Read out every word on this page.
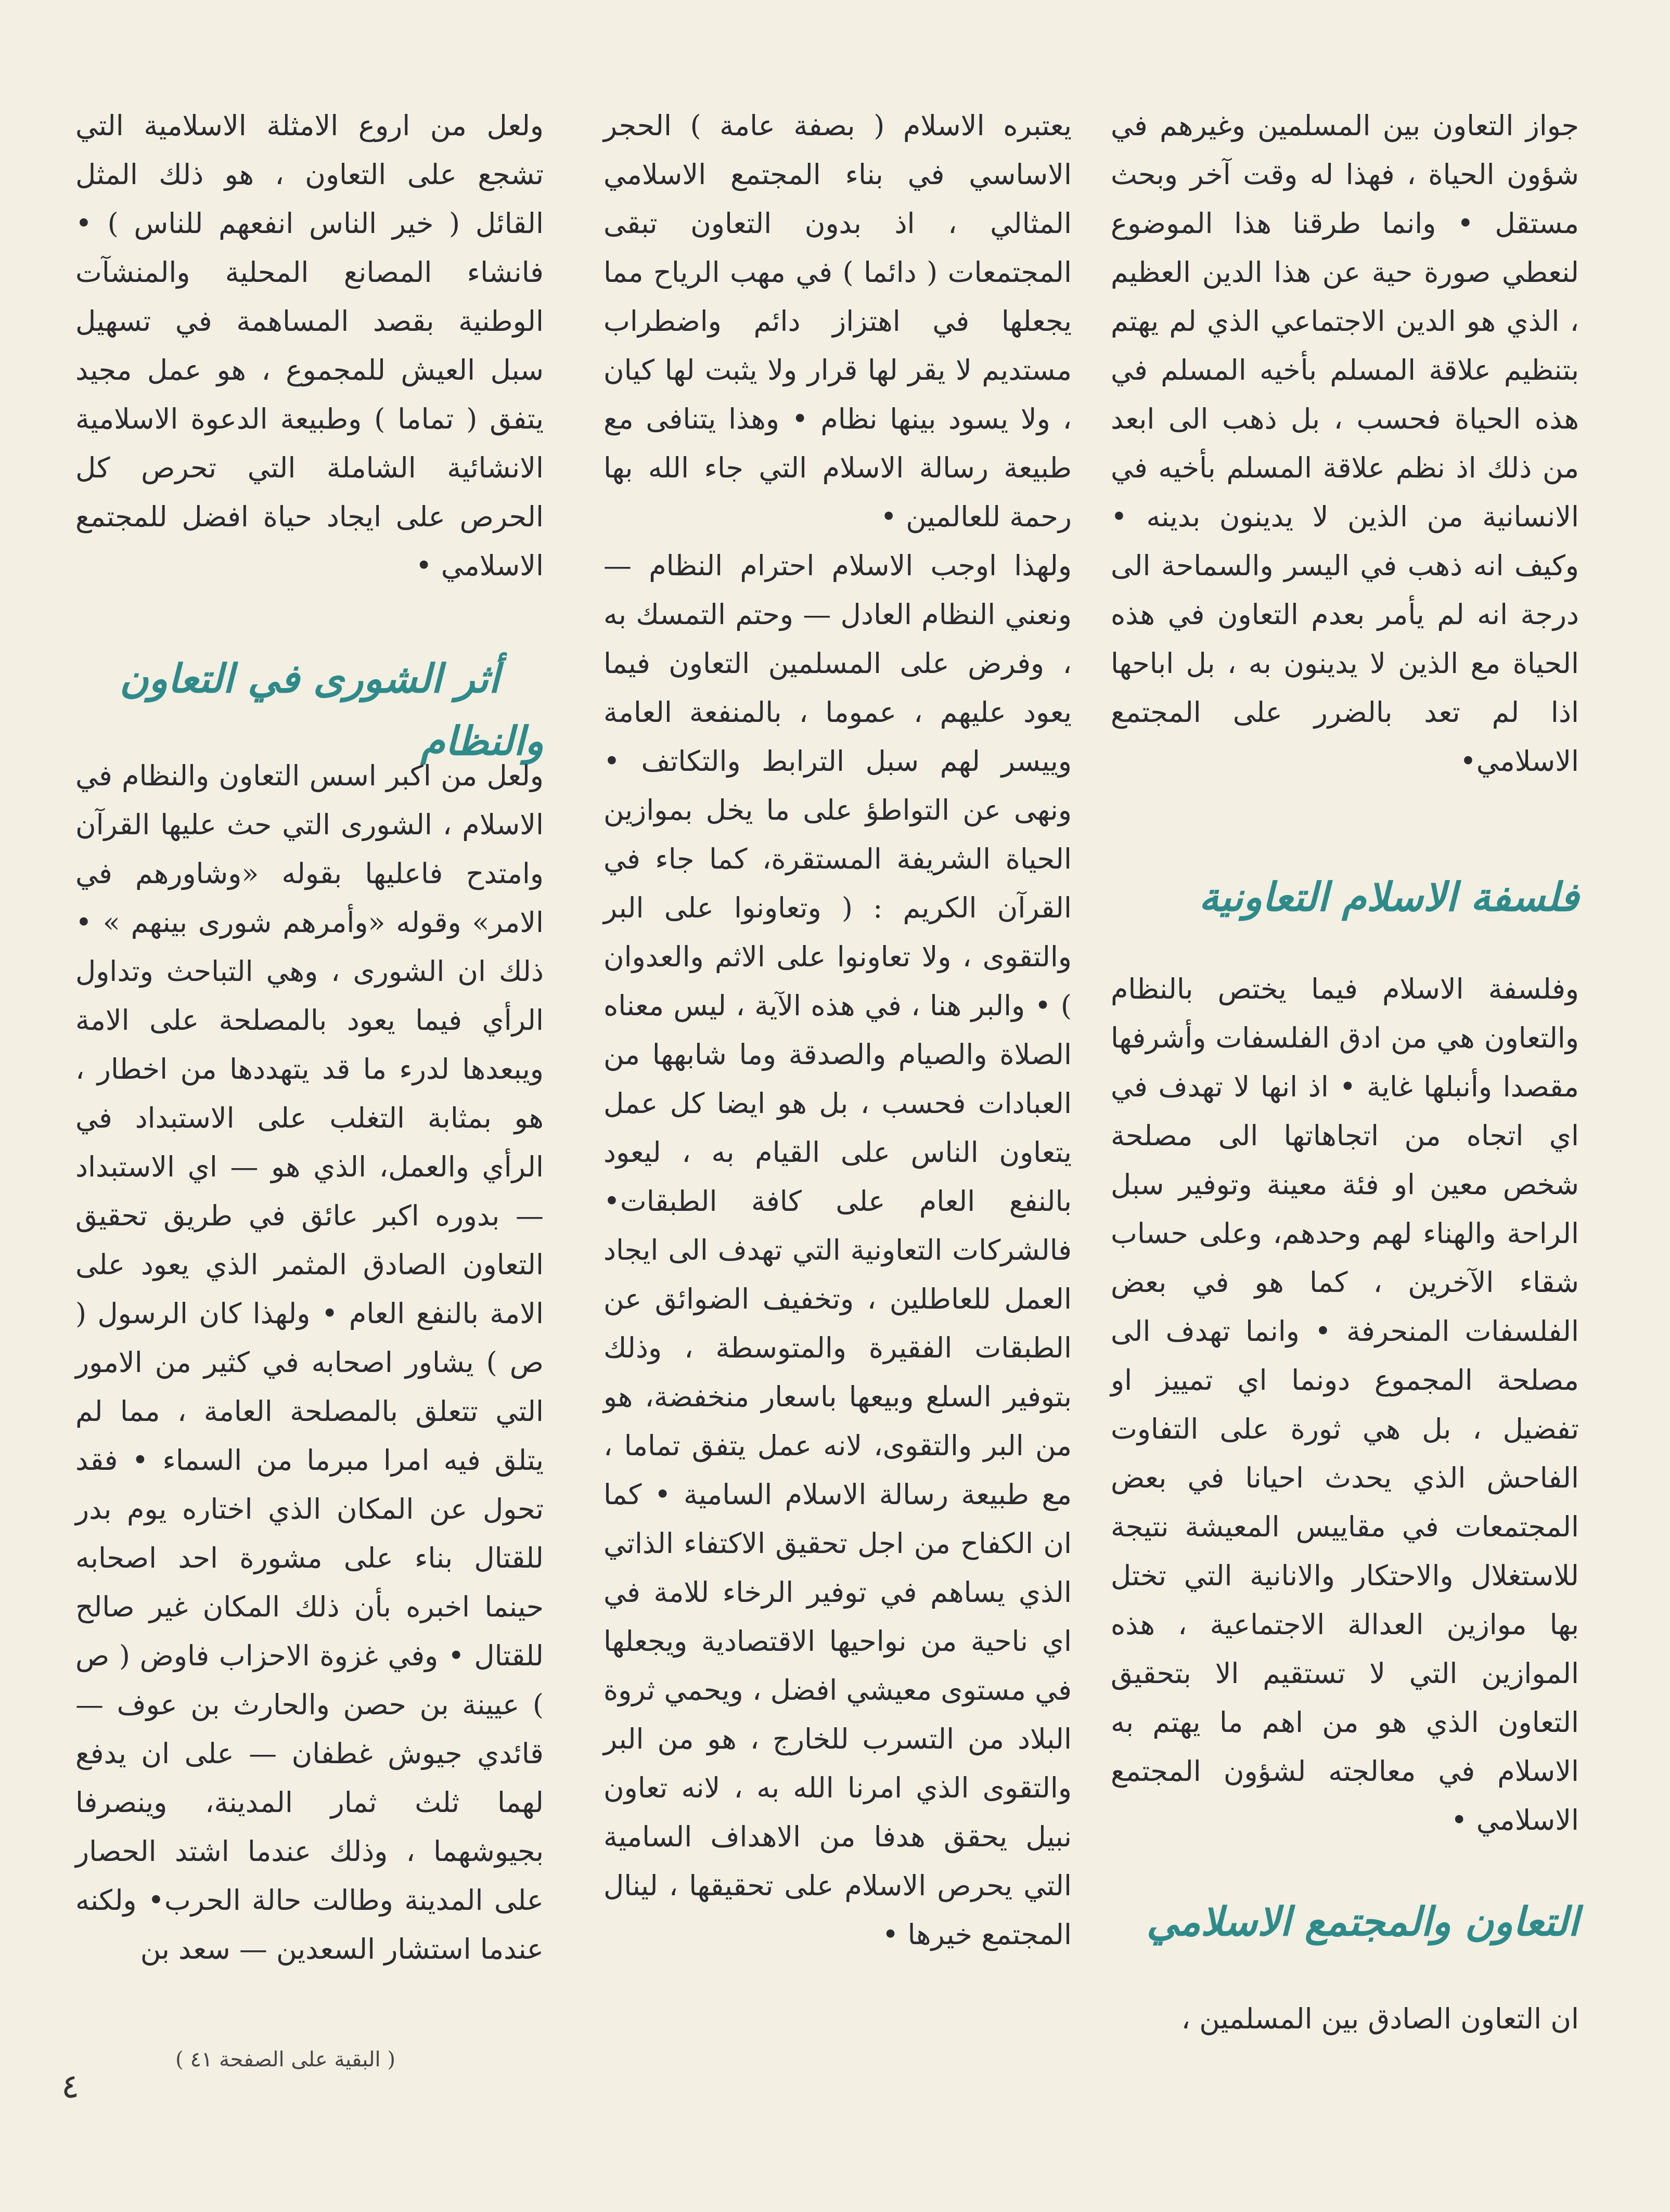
جواز التعاون بين المسلمين وغيرهم في شؤون الحياة ، فهذا له وقت آخر وبحث مستقل • وانما طرقنا هذا الموضوع لنعطي صورة حية عن هذا الدين العظيم ، الذي هو الدين الاجتماعي الذي لم يهتم بتنظيم علاقة المسلم بأخيه المسلم في هذه الحياة فحسب ، بل ذهب الى ابعد من ذلك اذ نظم علاقة المسلم بأخيه في الانسانية من الذين لا يدينون بدينه • وكيف انه ذهب في اليسر والسماحة الى درجة انه لم يأمر بعدم التعاون في هذه الحياة مع الذين لا يدينون به ، بل اباحها اذا لم تعد بالضرر على المجتمع الاسلامي•

فلسفة الاسلام التعاونية

وفلسفة الاسلام فيما يختص بالنظام والتعاون هي من ادق الفلسفات وأشرفها مقصدا وأنبلها غاية • اذ انها لا تهدف في اي اتجاه من اتجاهاتها الى مصلحة شخص معين او فئة معينة وتوفير سبل الراحة والهناء لهم وحدهم، وعلى حساب شقاء الآخرين ، كما هو في بعض الفلسفات المنحرفة • وانما تهدف الى مصلحة المجموع دونما اي تمييز او تفضيل ، بل هي ثورة على التفاوت الفاحش الذي يحدث احيانا في بعض المجتمعات في مقاييس المعيشة نتيجة للاستغلال والاحتكار والانانية التي تختل بها موازين العدالة الاجتماعية ، هذه الموازين التي لا تستقيم الا بتحقيق التعاون الذي هو من اهم ما يهتم به الاسلام في معالجته لشؤون المجتمع الاسلامي •

التعاون والمجتمع الاسلامي

ان التعاون الصادق بين المسلمين ،

يعتبره الاسلام ( بصفة عامة ) الحجر الاساسي في بناء المجتمع الاسلامي المثالي ، اذ بدون التعاون تبقى المجتمعات ( دائما ) في مهب الرياح مما يجعلها في اهتزاز دائم واضطراب مستديم لا يقر لها قرار ولا يثبت لها كيان ، ولا يسود بينها نظام • وهذا يتنافى مع طبيعة رسالة الاسلام التي جاء الله بها رحمة للعالمين •

ولهذا اوجب الاسلام احترام النظام — ونعني النظام العادل — وحتم التمسك به ، وفرض على المسلمين التعاون فيما يعود عليهم ، عموما ، بالمنفعة العامة وييسر لهم سبل الترابط والتكاتف • ونهى عن التواطؤ على ما يخل بموازين الحياة الشريفة المستقرة، كما جاء في القرآن الكريم : ( وتعاونوا على البر والتقوى ، ولا تعاونوا على الاثم والعدوان ) • والبر هنا ، في هذه الآية ، ليس معناه الصلاة والصيام والصدقة وما شابهها من العبادات فحسب ، بل هو ايضا كل عمل يتعاون الناس على القيام به ، ليعود بالنفع العام على كافة الطبقات• فالشركات التعاونية التي تهدف الى ايجاد العمل للعاطلين ، وتخفيف الضوائق عن الطبقات الفقيرة والمتوسطة ، وذلك بتوفير السلع وبيعها باسعار منخفضة، هو من البر والتقوى، لانه عمل يتفق تماما ، مع طبيعة رسالة الاسلام السامية • كما ان الكفاح من اجل تحقيق الاكتفاء الذاتي الذي يساهم في توفير الرخاء للامة في اي ناحية من نواحيها الاقتصادية ويجعلها في مستوى معيشي افضل ، ويحمي ثروة البلاد من التسرب للخارج ، هو من البر والتقوى الذي امرنا الله به ، لانه تعاون نبيل يحقق هدفا من الاهداف السامية التي يحرص الاسلام على تحقيقها ، لينال المجتمع خيرها •

ولعل من اروع الامثلة الاسلامية التي تشجع على التعاون ، هو ذلك المثل القائل ( خير الناس انفعهم للناس ) • فانشاء المصانع المحلية والمنشآت الوطنية بقصد المساهمة في تسهيل سبل العيش للمجموع ، هو عمل مجيد يتفق ( تماما ) وطبيعة الدعوة الاسلامية الانشائية الشاملة التي تحرص كل الحرص على ايجاد حياة افضل للمجتمع الاسلامي •

أثر الشورى في التعاون والنظام

ولعل من اكبر اسس التعاون والنظام في الاسلام ، الشورى التي حث عليها القرآن وامتدح فاعليها بقوله «وشاورهم في الامر» وقوله «وأمرهم شورى بينهم » • ذلك ان الشورى ، وهي التباحث وتداول الرأي فيما يعود بالمصلحة على الامة ويبعدها لدرء ما قد يتهددها من اخطار ، هو بمثابة التغلب على الاستبداد في الرأي والعمل، الذي هو — اي الاستبداد — بدوره اكبر عائق في طريق تحقيق التعاون الصادق المثمر الذي يعود على الامة بالنفع العام • ولهذا كان الرسول ( ص ) يشاور اصحابه في كثير من الامور التي تتعلق بالمصلحة العامة ، مما لم يتلق فيه امرا مبرما من السماء • فقد تحول عن المكان الذي اختاره يوم بدر للقتال بناء على مشورة احد اصحابه حينما اخبره بأن ذلك المكان غير صالح للقتال • وفي غزوة الاحزاب فاوض ( ص ) عيينة بن حصن والحارث بن عوف — قائدي جيوش غطفان — على ان يدفع لهما ثلث ثمار المدينة، وينصرفا بجيوشهما ، وذلك عندما اشتد الحصار على المدينة وطالت حالة الحرب• ولكنه عندما استشار السعدين — سعد بن

( البقية على الصفحة ٤١ )
٤
